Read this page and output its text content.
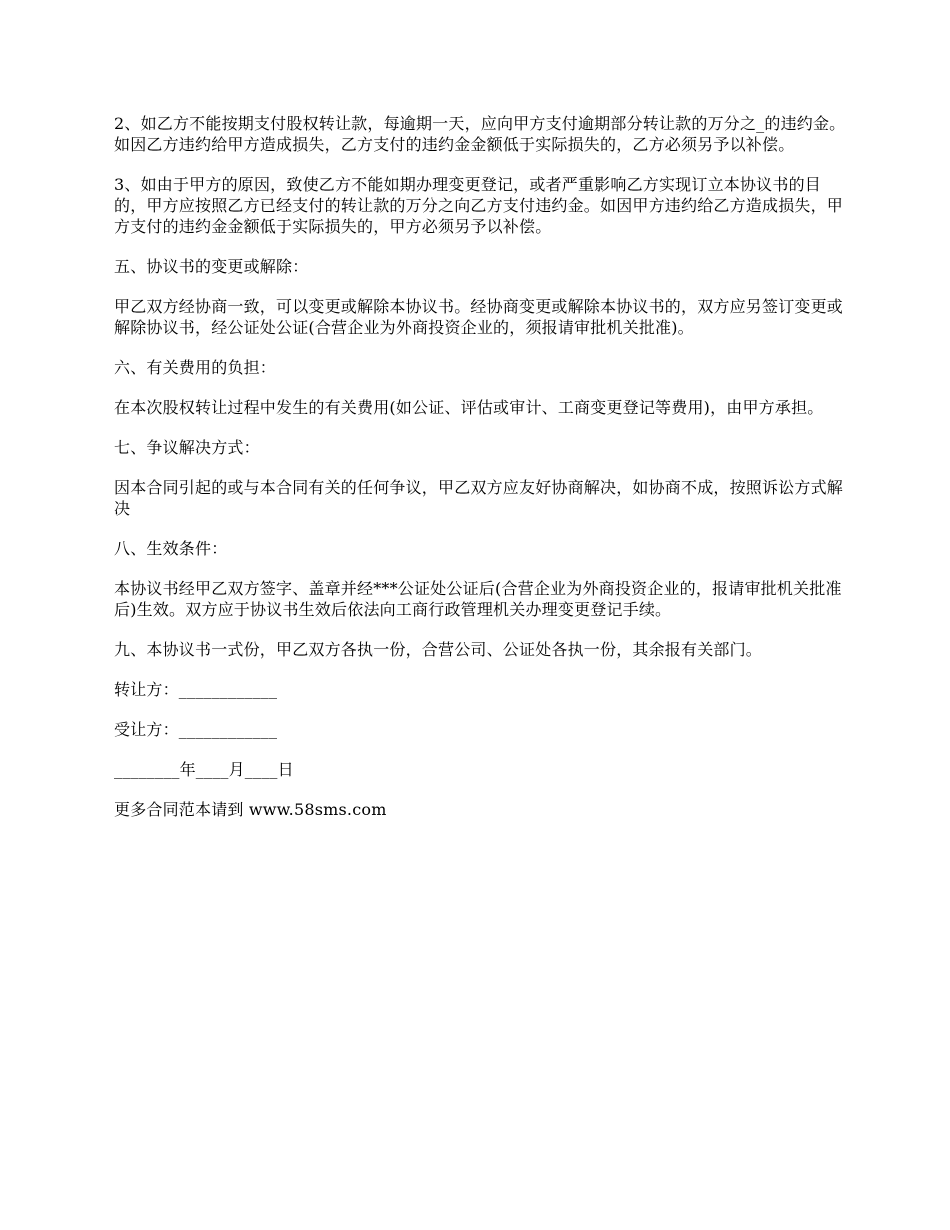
2、如乙方不能按期支付股权转让款，每逾期一天，应向甲方支付逾期部分转让款的万分之_的违约金。如因乙方违约给甲方造成损失，乙方支付的违约金金额低于实际损失的，乙方必须另予以补偿。

3、如由于甲方的原因，致使乙方不能如期办理变更登记，或者严重影响乙方实现订立本协议书的目的，甲方应按照乙方已经支付的转让款的万分之向乙方支付违约金。如因甲方违约给乙方造成损失，甲方支付的违约金金额低于实际损失的，甲方必须另予以补偿。

五、协议书的变更或解除：

甲乙双方经协商一致，可以变更或解除本协议书。经协商变更或解除本协议书的，双方应另签订变更或解除协议书，经公证处公证(合营企业为外商投资企业的，须报请审批机关批准)。

六、有关费用的负担：

在本次股权转让过程中发生的有关费用(如公证、评估或审计、工商变更登记等费用)，由甲方承担。

七、争议解决方式：

因本合同引起的或与本合同有关的任何争议，甲乙双方应友好协商解决，如协商不成，按照诉讼方式解决

八、生效条件：

本协议书经甲乙双方签字、盖章并经***公证处公证后(合营企业为外商投资企业的，报请审批机关批准后)生效。双方应于协议书生效后依法向工商行政管理机关办理变更登记手续。

九、本协议书一式份，甲乙双方各执一份，合营公司、公证处各执一份，其余报有关部门。

转让方：____________

受让方：____________

________年____月____日

更多合同范本请到 www.58sms.com
